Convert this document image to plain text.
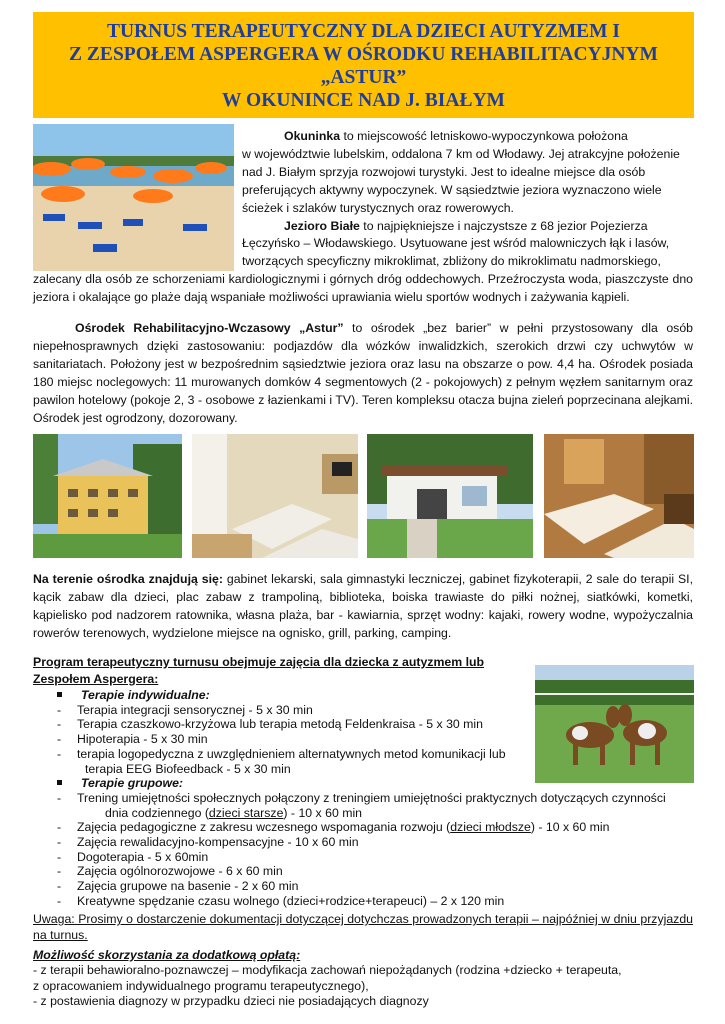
TURNUS TERAPEUTYCZNY DLA DZIECI AUTYZMEM I
Z ZESPOŁEM ASPERGERA W OŚRODKU REHABILITACYJNYM
„ASTUR”
W OKUNINCE NAD J. BIAŁYM
Okuninka to miejscowość letniskowo-wypoczynkowa położona
w województwie lubelskim, oddalona 7 km od Włodawy. Jej atrakcyjne położenie
nad J. Białym sprzyja rozwojowi turystyki. Jest to idealne miejsce dla osób
preferujących aktywny wypoczynek. W sąsiedztwie jeziora wyznaczono wiele
ścieżek i szlaków turystycznych oraz rowerowych.
Jezioro Białe to najpiękniejsze i najczystsze z 68 jezior Pojezierza
Łęczyńsko – Włodawskiego. Usytuowane jest wśród malowniczych łąk i lasów,
tworzących specyficzny mikroklimat, zbliżony do mikroklimatu nadmorskiego,
zalecany dla osób ze schorzeniami kardiologicznymi i górnych dróg oddechowych. Przeźroczysta woda, piaszczyste dno jeziora i okalające go plaże dają wspaniałe możliwości uprawiania wielu sportów wodnych i zażywania kąpieli.
Ośrodek Rehabilitacyjno-Wczasowy „Astur” to ośrodek „bez barier” w pełni przystosowany dla osób niepełnosprawnych dzięki zastosowaniu: podjazdów dla wózków inwalidzkich, szerokich drzwi czy uchwytów w sanitariatach. Położony jest w bezpośrednim sąsiedztwie jeziora oraz lasu na obszarze o pow. 4,4 ha. Ośrodek posiada 180 miejsc noclegowych: 11 murowanych domków 4 segmentowych (2 - pokojowych) z pełnym węzłem sanitarnym oraz pawilon hotelowy (pokoje 2, 3 - osobowe z łazienkami i TV). Teren kompleksu otacza bujna zieleń poprzecinana alejkami. Ośrodek jest ogrodzony, dozorowany.
Na terenie ośrodka znajdują się: gabinet lekarski, sala gimnastyki leczniczej, gabinet fizykoterapii, 2 sale do terapii SI, kącik zabaw dla dzieci, plac zabaw z trampoliną, biblioteka, boiska trawiaste do piłki nożnej, siatkówki, kometki, kąpielisko pod nadzorem ratownika, własna plaża, bar - kawiarnia, sprzęt wodny: kajaki, rowery wodne, wypożyczalnia rowerów terenowych, wydzielone miejsce na ognisko, grill, parking, camping.
Program terapeutyczny turnusu obejmuje zajęcia dla dziecka z autyzmem lub
Zespołem Aspergera:
Terapie indywidualne:
- Terapia integracji sensorycznej - 5 x 30 min
- Terapia czaszkowo-krzyżowa lub terapia metodą Feldenkraisa - 5 x 30 min
- Hipoterapia - 5 x 30 min
- terapia logopedyczna z uwzględnieniem alternatywnych metod komunikacji lub
terapia EEG Biofeedback - 5 x 30 min
Terapie grupowe:
- Trening umiejętności społecznych połączony z treningiem umiejętności praktycznych dotyczących czynności
dnia codziennego (dzieci starsze) - 10 x 60 min
- Zajęcia pedagogiczne z zakresu wczesnego wspomagania rozwoju (dzieci młodsze) - 10 x 60 min
- Zajęcia rewalidacyjno-kompensacyjne - 10 x 60 min
- Dogoterapia - 5 x 60min
- Zajęcia ogólnorozwojowe - 6 x 60 min
- Zajęcia grupowe na basenie - 2 x 60 min
- Kreatywne spędzanie czasu wolnego (dzieci+rodzice+terapeuci) – 2 x 120 min
Uwaga: Prosimy o dostarczenie dokumentacji dotyczącej dotychczas prowadzonych terapii – najpóźniej w dniu przyjazdu na turnus.
Możliwość skorzystania za dodatkową opłatą:
- z terapii behawioralno-poznawczej – modyfikacja zachowań niepożądanych (rodzina +dziecko + terapeuta,
z opracowaniem indywidualnego programu terapeutycznego),
- z postawienia diagnozy w przypadku dzieci nie posiadających diagnozy
